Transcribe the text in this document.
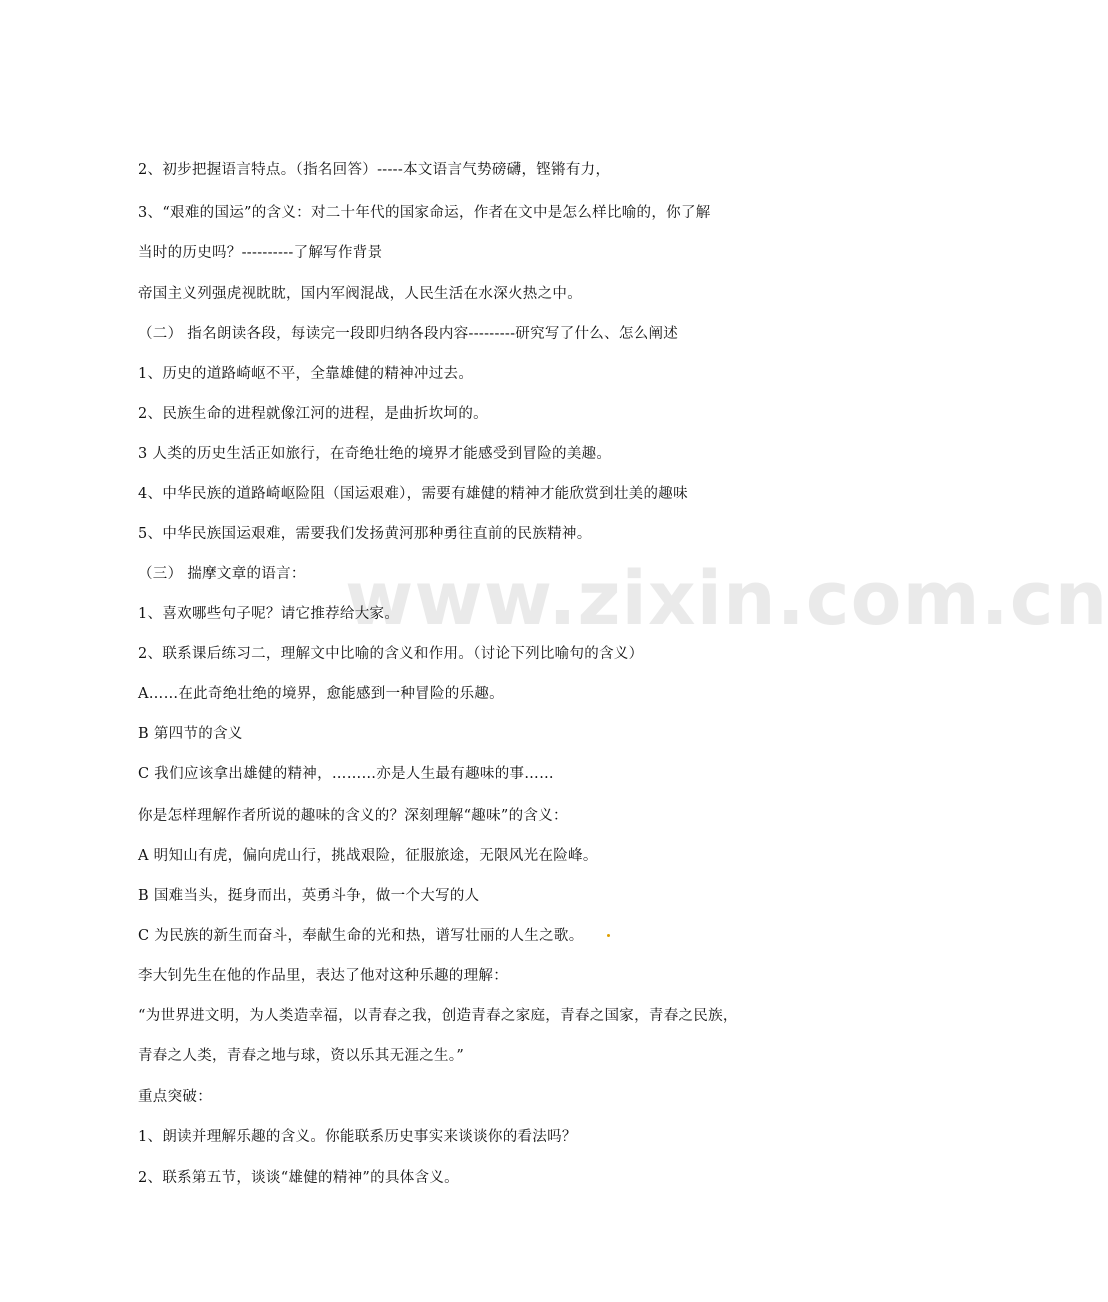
www.zixin.com.cn
2、初步把握语言特点。（指名回答）-----本文语言气势磅礴，铿锵有力，
3、“艰难的国运”的含义：对二十年代的国家命运，作者在文中是怎么样比喻的，你了解
当时的历史吗？----------了解写作背景
帝国主义列强虎视眈眈，国内军阀混战，人民生活在水深火热之中。
（二） 指名朗读各段，每读完一段即归纳各段内容---------研究写了什么、怎么阐述
1、历史的道路崎岖不平，全靠雄健的精神冲过去。
2、民族生命的进程就像江河的进程，是曲折坎坷的。
3 人类的历史生活正如旅行，在奇绝壮绝的境界才能感受到冒险的美趣。
4、中华民族的道路崎岖险阻（国运艰难），需要有雄健的精神才能欣赏到壮美的趣味
5、中华民族国运艰难，需要我们发扬黄河那种勇往直前的民族精神。
（三） 揣摩文章的语言：
1、喜欢哪些句子呢？请它推荐给大家。
2、联系课后练习二，理解文中比喻的含义和作用。（讨论下列比喻句的含义）
A……在此奇绝壮绝的境界，愈能感到一种冒险的乐趣。
B 第四节的含义
C 我们应该拿出雄健的精神，………亦是人生最有趣味的事……
你是怎样理解作者所说的趣味的含义的？深刻理解“趣味”的含义：
A 明知山有虎，偏向虎山行，挑战艰险，征服旅途，无限风光在险峰。
B 国难当头，挺身而出，英勇斗争，做一个大写的人
C 为民族的新生而奋斗，奉献生命的光和热，谱写壮丽的人生之歌。
李大钊先生在他的作品里，表达了他对这种乐趣的理解：
“为世界进文明，为人类造幸福，以青春之我，创造青春之家庭，青春之国家，青春之民族，
青春之人类，青春之地与球，资以乐其无涯之生。”
重点突破：
1、朗读并理解乐趣的含义。你能联系历史事实来谈谈你的看法吗？
2、联系第五节，谈谈“雄健的精神”的具体含义。
